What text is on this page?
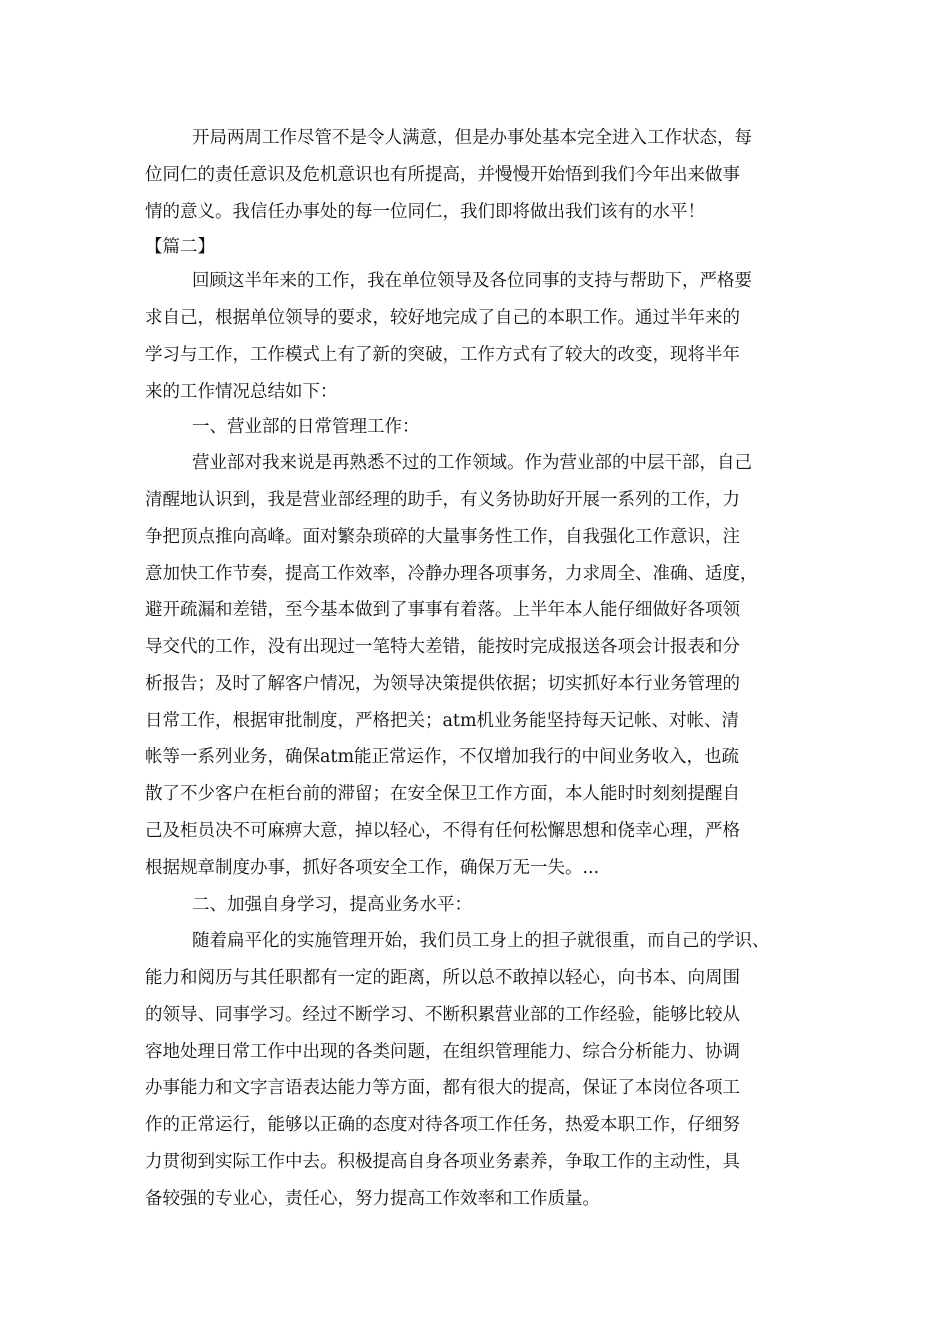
开局两周工作尽管不是令人满意，但是办事处基本完全进入工作状态，每
位同仁的责任意识及危机意识也有所提高，并慢慢开始悟到我们今年出来做事
情的意义。我信任办事处的每一位同仁，我们即将做出我们该有的水平！
【篇二】
回顾这半年来的工作，我在单位领导及各位同事的支持与帮助下，严格要
求自己，根据单位领导的要求，较好地完成了自己的本职工作。通过半年来的
学习与工作，工作模式上有了新的突破，工作方式有了较大的改变，现将半年
来的工作情况总结如下：
一、营业部的日常管理工作：
营业部对我来说是再熟悉不过的工作领域。作为营业部的中层干部，自己
清醒地认识到，我是营业部经理的助手，有义务协助好开展一系列的工作，力
争把顶点推向高峰。面对繁杂琐碎的大量事务性工作，自我强化工作意识，注
意加快工作节奏，提高工作效率，冷静办理各项事务，力求周全、准确、适度，
避开疏漏和差错，至今基本做到了事事有着落。上半年本人能仔细做好各项领
导交代的工作，没有出现过一笔特大差错，能按时完成报送各项会计报表和分
析报告；及时了解客户情况，为领导决策提供依据；切实抓好本行业务管理的
日常工作，根据审批制度，严格把关；atm机业务能坚持每天记帐、对帐、清
帐等一系列业务，确保atm能正常运作，不仅增加我行的中间业务收入，也疏
散了不少客户在柜台前的滞留；在安全保卫工作方面，本人能时时刻刻提醒自
己及柜员决不可麻痹大意，掉以轻心，不得有任何松懈思想和侥幸心理，严格
根据规章制度办事，抓好各项安全工作，确保万无一失。...
二、加强自身学习，提高业务水平：
随着扁平化的实施管理开始，我们员工身上的担子就很重，而自己的学识、
能力和阅历与其任职都有一定的距离，所以总不敢掉以轻心，向书本、向周围
的领导、同事学习。经过不断学习、不断积累营业部的工作经验，能够比较从
容地处理日常工作中出现的各类问题，在组织管理能力、综合分析能力、协调
办事能力和文字言语表达能力等方面，都有很大的提高，保证了本岗位各项工
作的正常运行，能够以正确的态度对待各项工作任务，热爱本职工作，仔细努
力贯彻到实际工作中去。积极提高自身各项业务素养，争取工作的主动性，具
备较强的专业心，责任心，努力提高工作效率和工作质量。
